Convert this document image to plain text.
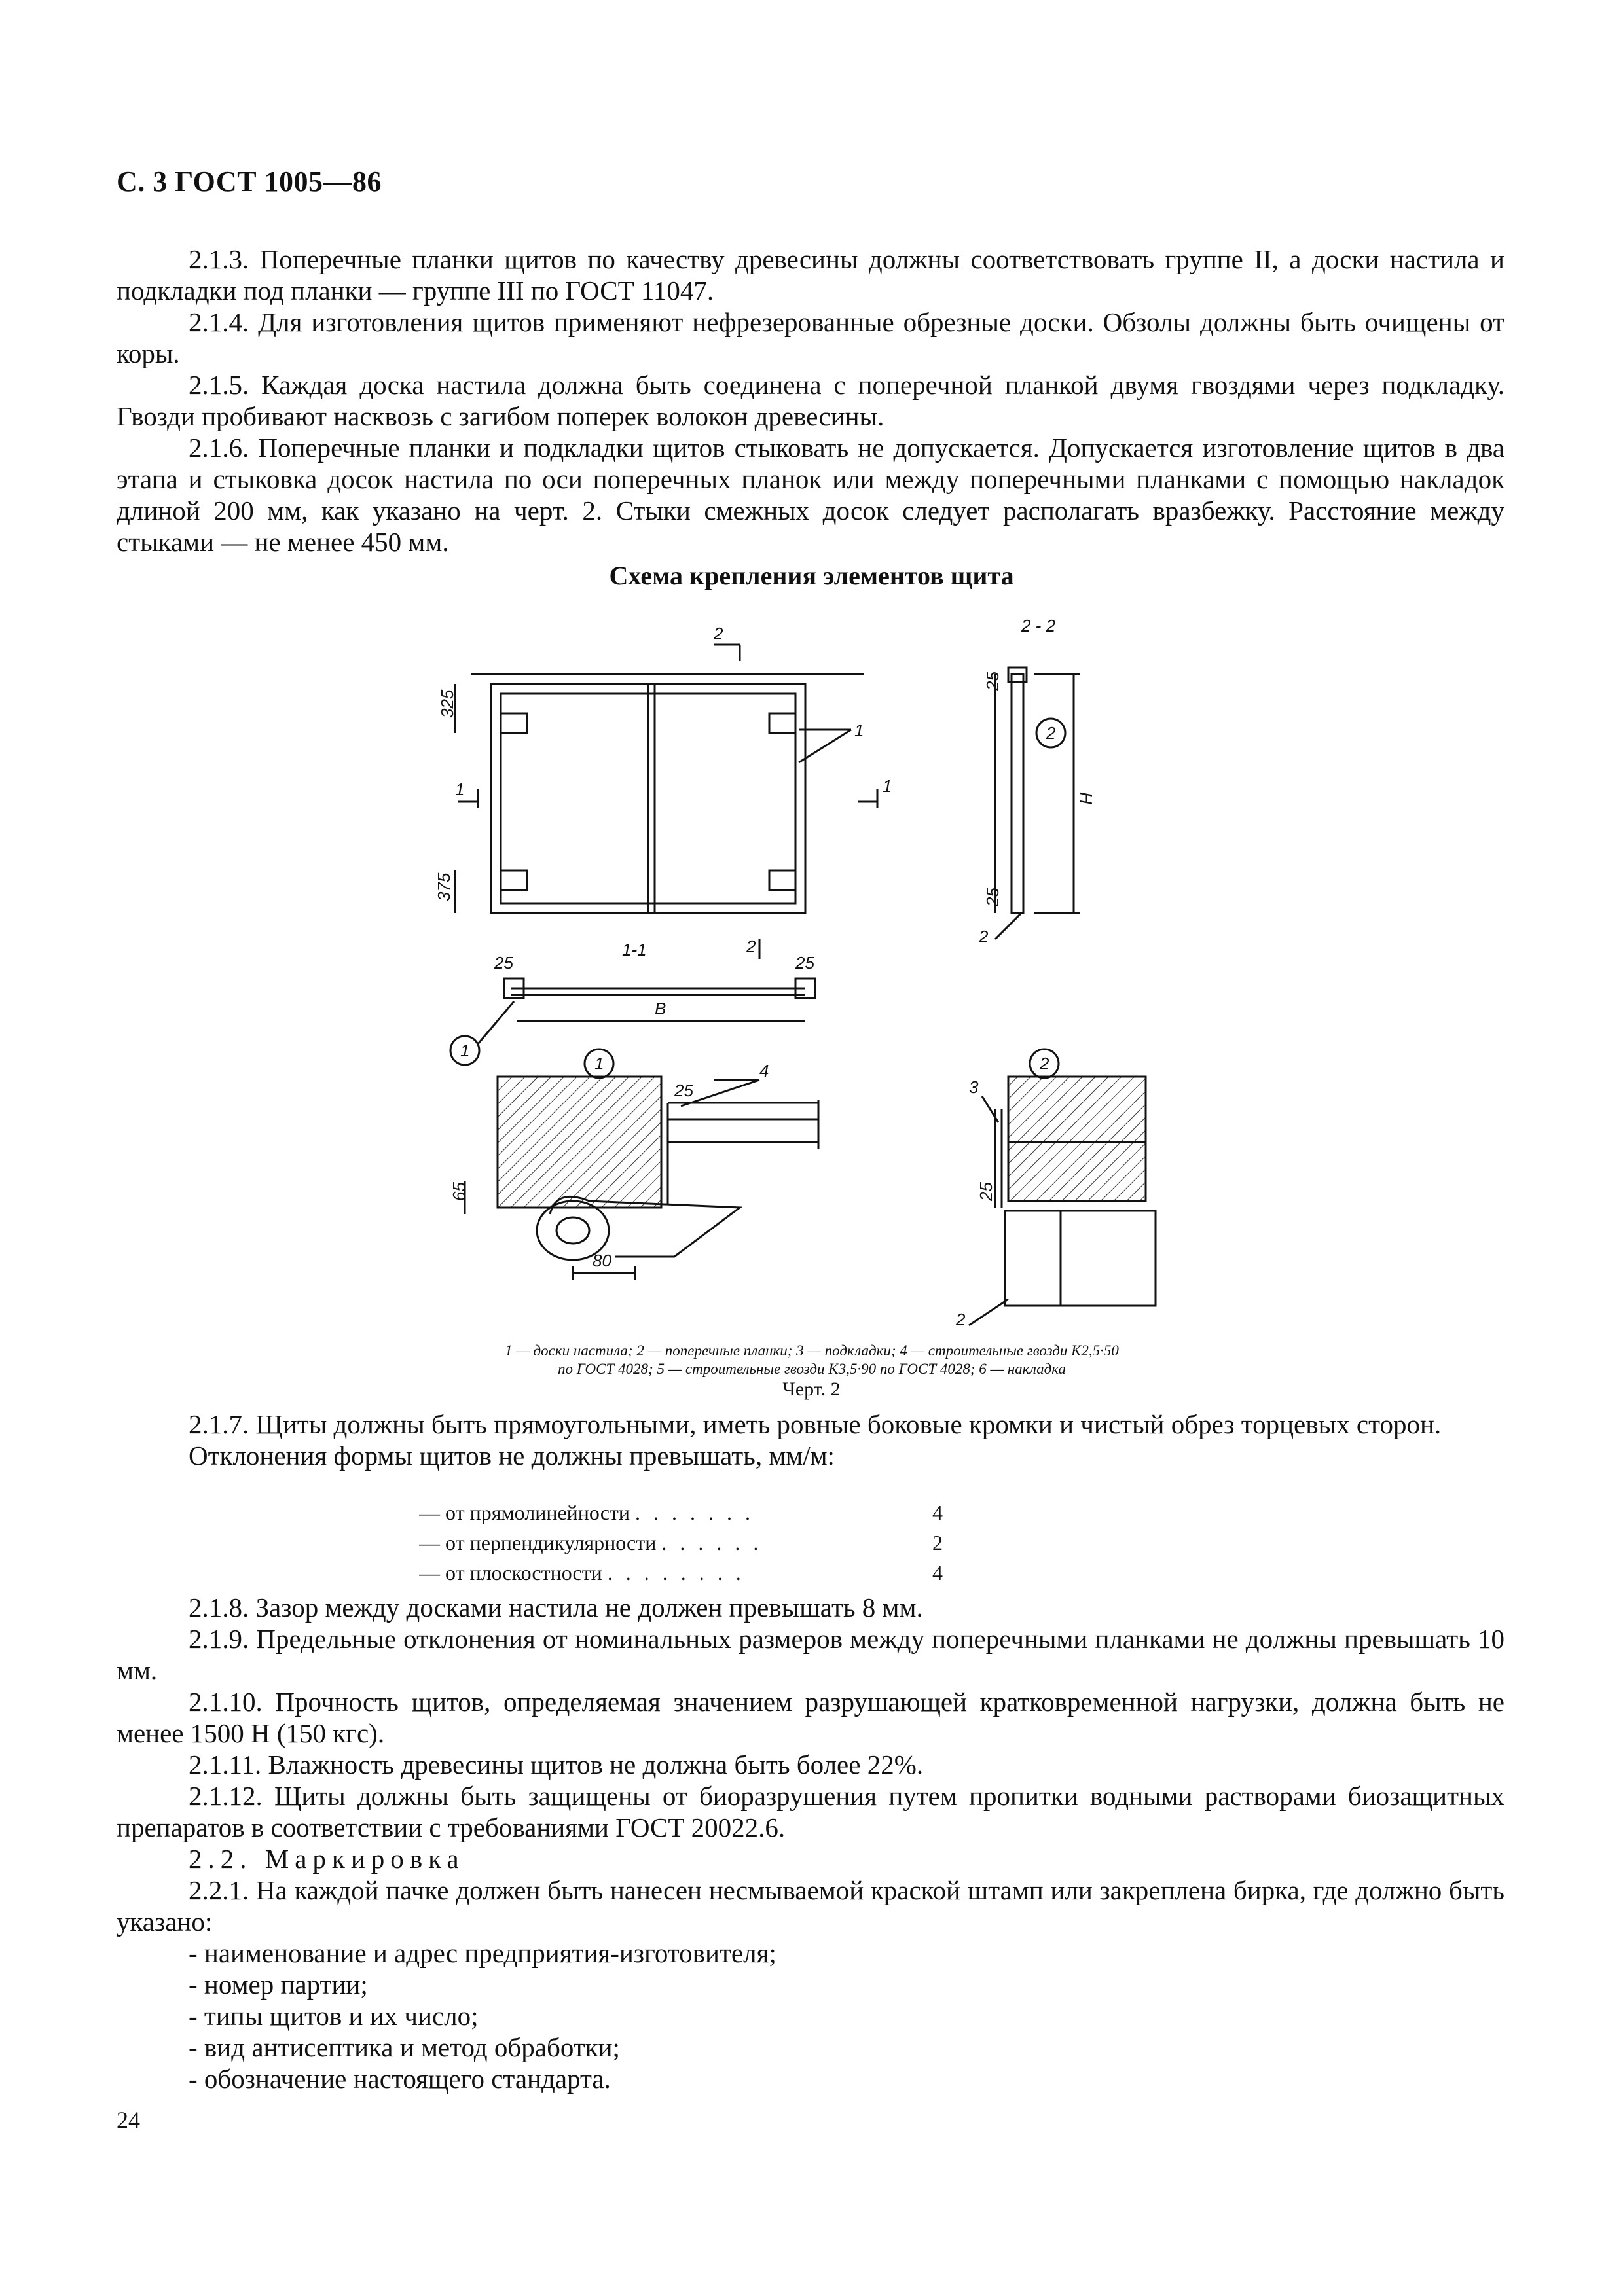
С. 3 ГОСТ 1005—86

2.1.3. Поперечные планки щитов по качеству древесины должны соответствовать группе II, а доски настила и подкладки под планки — группе III по ГОСТ 11047.

2.1.4. Для изготовления щитов применяют нефрезерованные обрезные доски. Обзолы должны быть очищены от коры.

2.1.5. Каждая доска настила должна быть соединена с поперечной планкой двумя гвоздями через подкладку. Гвозди пробивают насквозь с загибом поперек волокон древесины.

2.1.6. Поперечные планки и подкладки щитов стыковать не допускается. Допускается изготовление щитов в два этапа и стыковка досок настила по оси поперечных планок или между поперечными планками с помощью накладок длиной 200 мм, как указано на черт. 2. Стыки смежных досок следует располагать вразбежку. Расстояние между стыками — не менее 450 мм.

Схема крепления элементов щита
2
2
1	1
1
325
375
2 - 2
25
25
Н
2
2
1-1
25	25
В
1
1	2
25
4
3
65
80
25
2
1 — доски настила; 2 — поперечные планки; 3 — подкладки; 4 — строительные гвозди К2,5·50
по ГОСТ 4028; 5 — строительные гвозди К3,5·90 по ГОСТ 4028; 6 — накладка
Черт. 2

2.1.7. Щиты должны быть прямоугольными, иметь ровные боковые кромки и чистый обрез торцевых сторон.

Отклонения формы щитов не должны превышать, мм/м:

— от прямолинейности . . . . . . .	4
— от перпендикулярности . . . . . .	2
— от плоскостности . . . . . . . .	4

2.1.8. Зазор между досками настила не должен превышать 8 мм.

2.1.9. Предельные отклонения от номинальных размеров между поперечными планками не должны превышать 10 мм.

2.1.10. Прочность щитов, определяемая значением разрушающей кратковременной нагрузки, должна быть не менее 1500 Н (150 кгс).

2.1.11. Влажность древесины щитов не должна быть более 22%.

2.1.12. Щиты должны быть защищены от биоразрушения путем пропитки водными растворами биозащитных препаратов в соответствии с требованиями ГОСТ 20022.6.

2.2. Маркировка

2.2.1. На каждой пачке должен быть нанесен несмываемой краской штамп или закреплена бирка, где должно быть указано:

- наименование и адрес предприятия-изготовителя;

- номер партии;

- типы щитов и их число;

- вид антисептика и метод обработки;

- обозначение настоящего стандарта.

24
